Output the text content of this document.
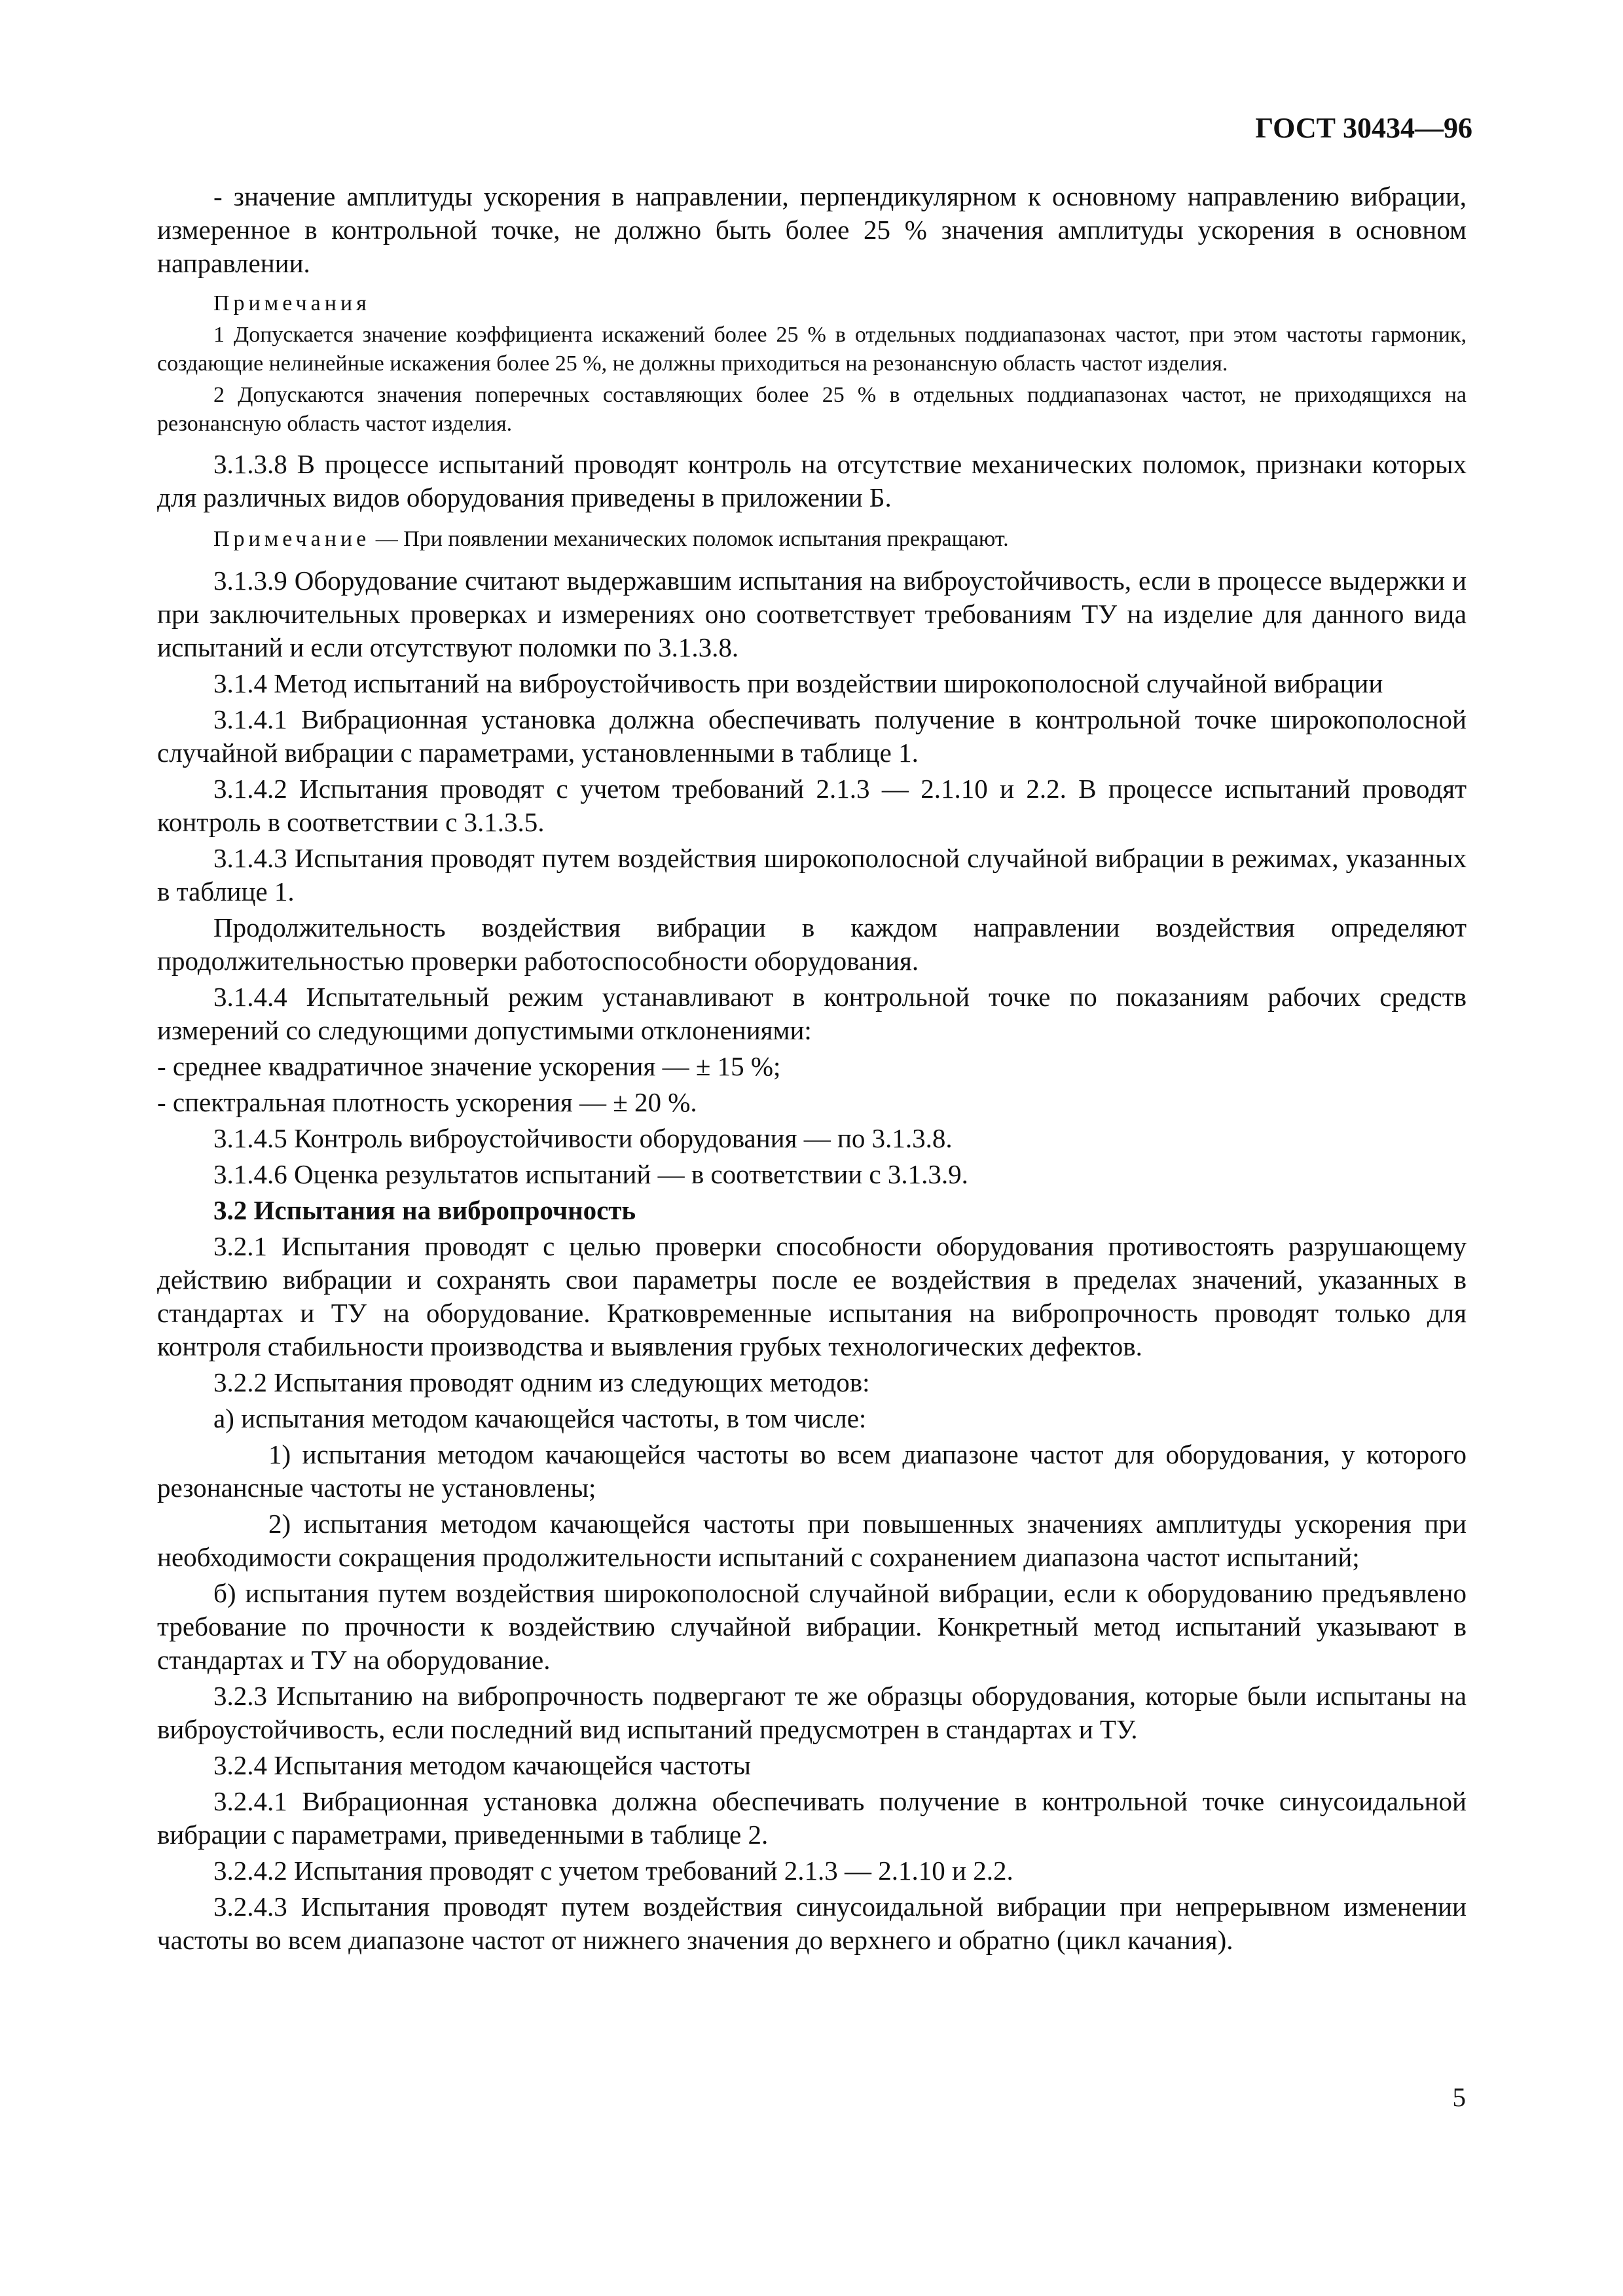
ГОСТ 30434—96

- значение амплитуды ускорения в направлении, перпендикулярном к основному направлению вибрации, измеренное в контрольной точке, не должно быть более 25 % значения амплитуды ускорения в основном направлении.

Примечания

1 Допускается значение коэффициента искажений более 25 % в отдельных поддиапазонах частот, при этом частоты гармоник, создающие нелинейные искажения более 25 %, не должны приходиться на резонансную область частот изделия.

2 Допускаются значения поперечных составляющих более 25 % в отдельных поддиапазонах частот, не приходящихся на резонансную область частот изделия.

3.1.3.8 В процессе испытаний проводят контроль на отсутствие механических поломок, признаки которых для различных видов оборудования приведены в приложении Б.

Примечание — При появлении механических поломок испытания прекращают.

3.1.3.9 Оборудование считают выдержавшим испытания на виброустойчивость, если в процессе выдержки и при заключительных проверках и измерениях оно соответствует требованиям ТУ на изделие для данного вида испытаний и если отсутствуют поломки по 3.1.3.8.

3.1.4 Метод испытаний на виброустойчивость при воздействии широкополосной случайной вибрации

3.1.4.1 Вибрационная установка должна обеспечивать получение в контрольной точке широкополосной случайной вибрации с параметрами, установленными в таблице 1.

3.1.4.2 Испытания проводят с учетом требований 2.1.3 — 2.1.10 и 2.2. В процессе испытаний проводят контроль в соответствии с 3.1.3.5.

3.1.4.3 Испытания проводят путем воздействия широкополосной случайной вибрации в режимах, указанных в таблице 1.

Продолжительность воздействия вибрации в каждом направлении воздействия определяют продолжительностью проверки работоспособности оборудования.

3.1.4.4 Испытательный режим устанавливают в контрольной точке по показаниям рабочих средств измерений со следующими допустимыми отклонениями:

- среднее квадратичное значение ускорения — ± 15 %;

- спектральная плотность ускорения — ± 20 %.

3.1.4.5 Контроль виброустойчивости оборудования — по 3.1.3.8.

3.1.4.6 Оценка результатов испытаний — в соответствии с 3.1.3.9.

3.2 Испытания на вибропрочность

3.2.1 Испытания проводят с целью проверки способности оборудования противостоять разрушающему действию вибрации и сохранять свои параметры после ее воздействия в пределах значений, указанных в стандартах и ТУ на оборудование. Кратковременные испытания на вибропрочность проводят только для контроля стабильности производства и выявления грубых технологических дефектов.

3.2.2 Испытания проводят одним из следующих методов:

а) испытания методом качающейся частоты, в том числе:

1) испытания методом качающейся частоты во всем диапазоне частот для оборудования, у которого резонансные частоты не установлены;

2) испытания методом качающейся частоты при повышенных значениях амплитуды ускорения при необходимости сокращения продолжительности испытаний с сохранением диапазона частот испытаний;

б) испытания путем воздействия широкополосной случайной вибрации, если к оборудованию предъявлено требование по прочности к воздействию случайной вибрации. Конкретный метод испытаний указывают в стандартах и ТУ на оборудование.

3.2.3 Испытанию на вибропрочность подвергают те же образцы оборудования, которые были испытаны на виброустойчивость, если последний вид испытаний предусмотрен в стандартах и ТУ.

3.2.4 Испытания методом качающейся частоты

3.2.4.1 Вибрационная установка должна обеспечивать получение в контрольной точке синусоидальной вибрации с параметрами, приведенными в таблице 2.

3.2.4.2 Испытания проводят с учетом требований 2.1.3 — 2.1.10 и 2.2.

3.2.4.3 Испытания проводят путем воздействия синусоидальной вибрации при непрерывном изменении частоты во всем диапазоне частот от нижнего значения до верхнего и обратно (цикл качания).

5
